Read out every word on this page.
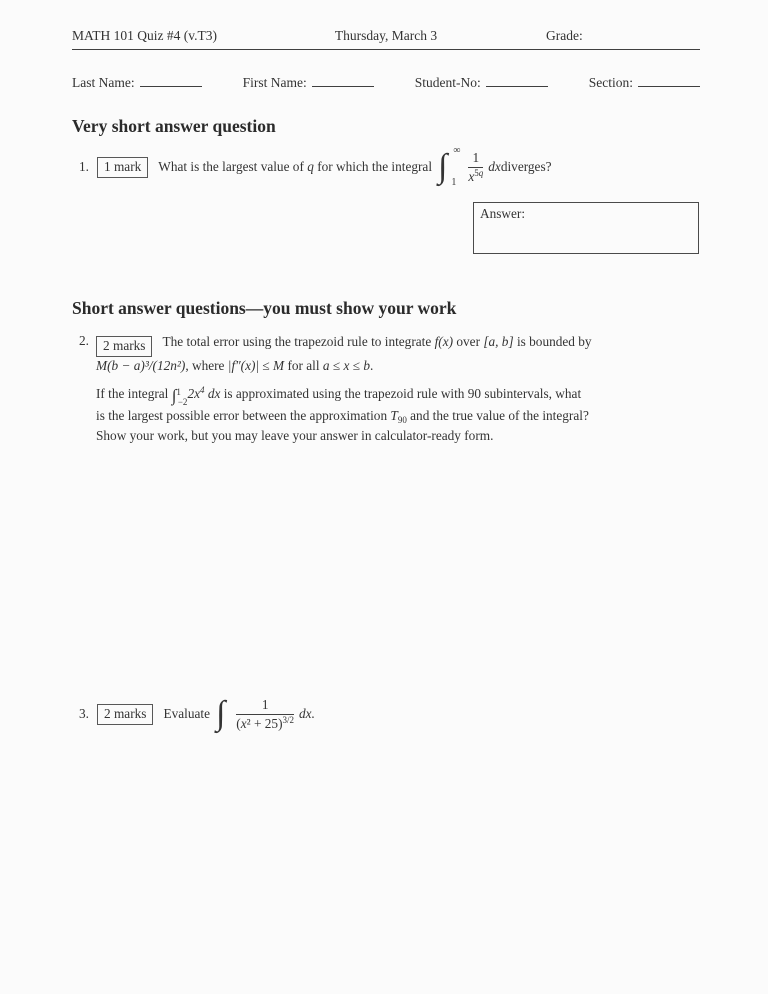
MATH 101 Quiz #4 (v.T3)	Thursday, March 3	Grade:
Last Name:	First Name:	Student-No:	Section:
Very short answer question
1.	1 mark	What is the largest value of q for which the integral ∫ ∞
$1 \frac{1}{x^{5q}}$ dx diverges?
Answer:
Short answer questions—you must show your work
2.	2 marks The total error using the trapezoid rule to integrate f(x) over [a, b] is bounded by
M(b − a)³/(12n²), where |f″(x)| ≤ M for all a ≤ x ≤ b.
If the integral $\int^1_{-2}2x^4$ dx is approximated using the trapezoid rule with 90 subintervals, what
is the largest possible error between the approximation $T_{90}$ and the true value of the integral?
Show your work, but you may leave your answer in calculator-ready form.
3.	2 marks	Evaluate ∫ $\frac{1}{(x^2 + 25)^{3/2}}$ dx.
